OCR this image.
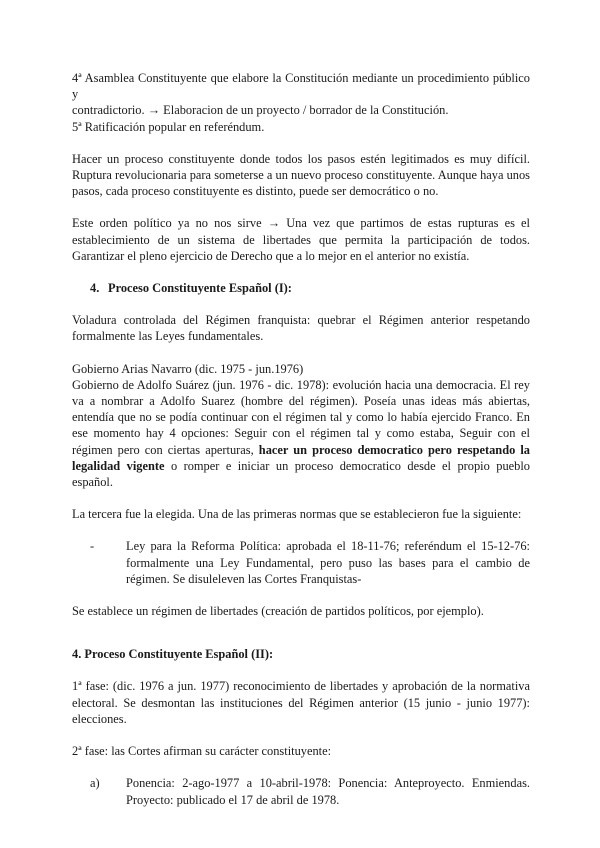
4ª Asamblea Constituyente que elabore la Constitución mediante un procedimiento público y

contradictorio. → Elaboracion de un proyecto / borrador de la Constitución.

5ª Ratificación popular en referéndum.

Hacer un proceso constituyente donde todos los pasos estén legitimados es muy difícil. Ruptura revolucionaria para someterse a un nuevo proceso constituyente. Aunque haya unos pasos, cada proceso constituyente es distinto, puede ser democrático o no.

Este orden político ya no nos sirve → Una vez que partimos de estas rupturas es el establecimiento de un sistema de libertades que permita la participación de todos. Garantizar el pleno ejercicio de Derecho que a lo mejor en el anterior no existía.

4. Proceso Constituyente Español (I):

Voladura controlada del Régimen franquista: quebrar el Régimen anterior respetando formalmente las Leyes fundamentales.

Gobierno Arias Navarro (dic. 1975 - jun.1976)

Gobierno de Adolfo Suárez (jun. 1976 - dic. 1978): evolución hacia una democracia. El rey va a nombrar a Adolfo Suarez (hombre del régimen). Poseía unas ideas más abiertas, entendía que no se podía continuar con el régimen tal y como lo había ejercido Franco. En ese momento hay 4 opciones: Seguir con el régimen tal y como estaba, Seguir con el régimen pero con ciertas aperturas, hacer un proceso democratico pero respetando la legalidad vigente o romper e iniciar un proceso democratico desde el propio pueblo español.

La tercera fue la elegida. Una de las primeras normas que se establecieron fue la siguiente:

-	Ley para la Reforma Política: aprobada el 18-11-76; referéndum el 15-12-76: formalmente una Ley Fundamental, pero puso las bases para el cambio de régimen. Se disuleleven las Cortes Franquistas-

Se establece un régimen de libertades (creación de partidos políticos, por ejemplo).

4. Proceso Constituyente Español (II):

1ª fase: (dic. 1976 a jun. 1977) reconocimiento de libertades y aprobación de la normativa electoral. Se desmontan las instituciones del Régimen anterior (15 junio - junio 1977): elecciones.

2ª fase: las Cortes afirman su carácter constituyente:

a)	Ponencia: 2-ago-1977 a 10-abril-1978: Ponencia: Anteproyecto. Enmiendas. Proyecto: publicado el 17 de abril de 1978.
